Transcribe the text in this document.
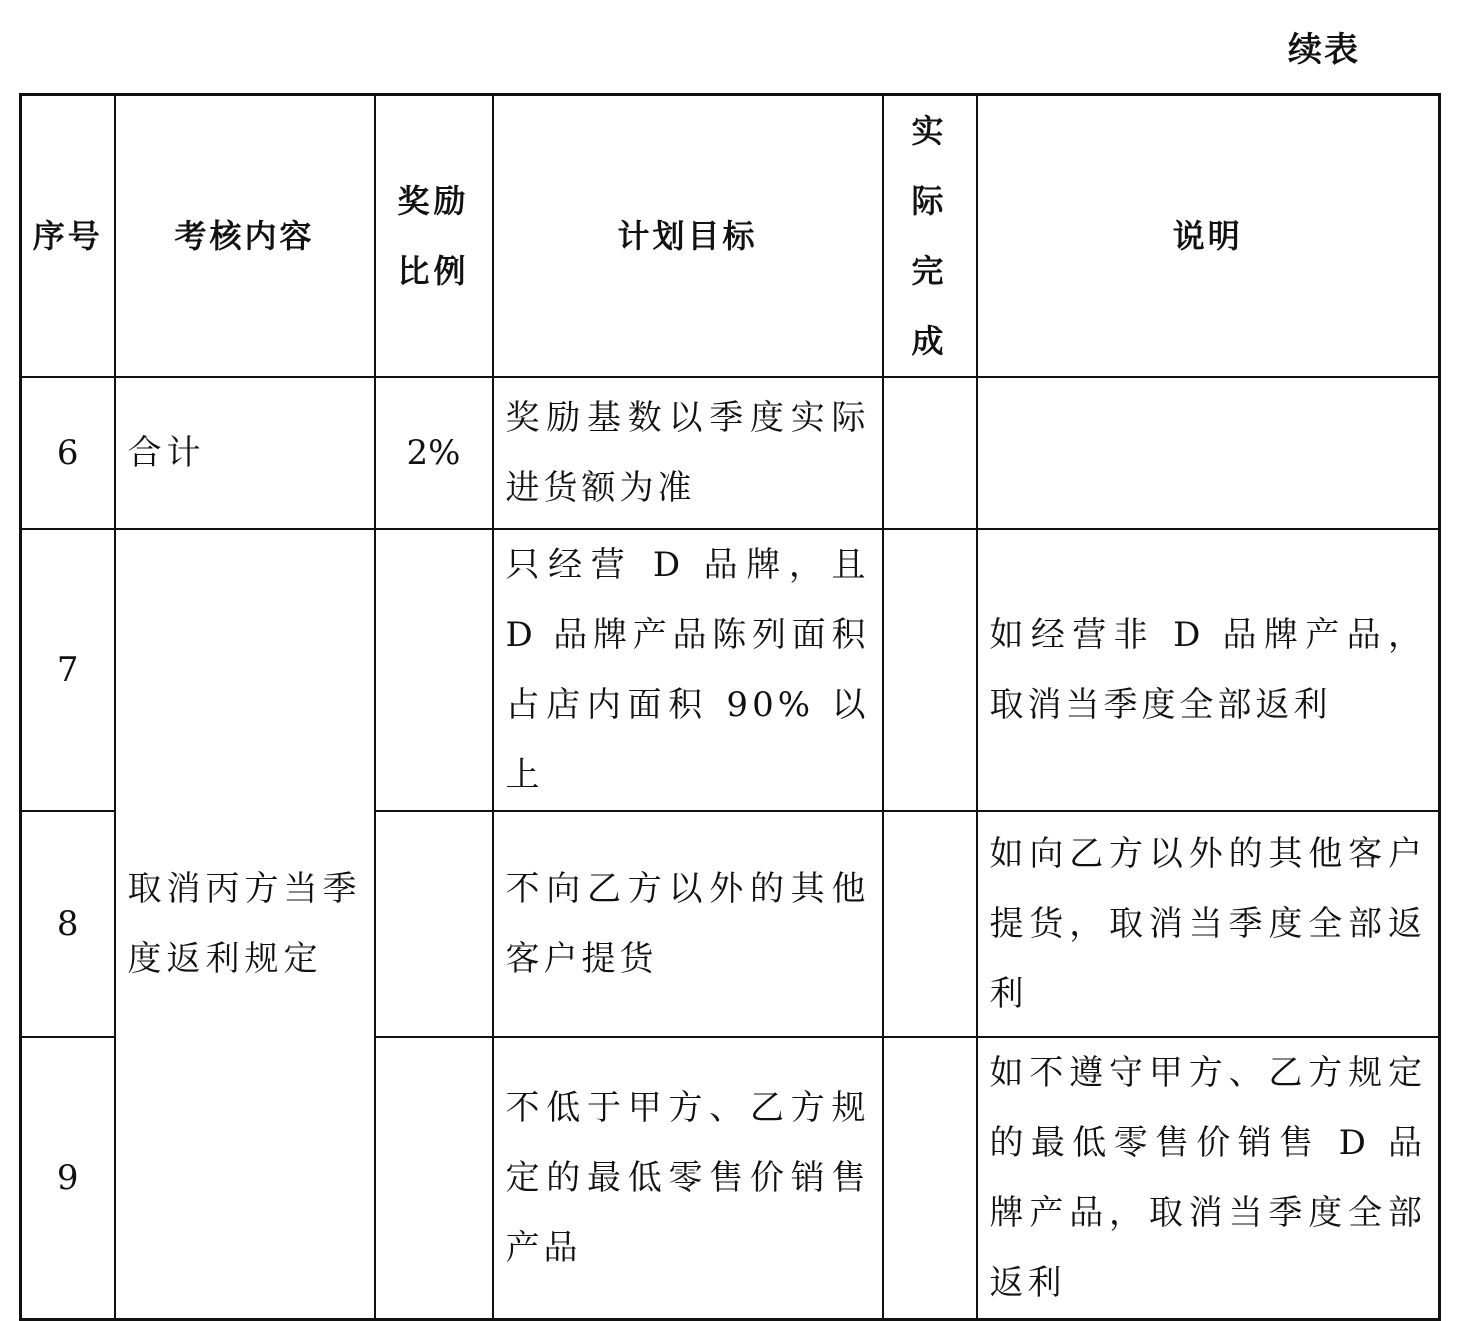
续表
序号	考核内容	奖励比例	计划目标	实际完成	说明
6	合计	2%	奖励基数以季度实际进货额为准		
7	取消丙方当季度返利规定		只经营 D 品牌，且 D 品牌产品陈列面积占店内面积 90% 以上		如经营非 D 品牌产品，取消当季度全部返利
8			不向乙方以外的其他客户提货		如向乙方以外的其他客户提货，取消当季度全部返利
9			不低于甲方、乙方规定的最低零售价销售产品		如不遵守甲方、乙方规定的最低零售价销售 D 品牌产品，取消当季度全部返利
